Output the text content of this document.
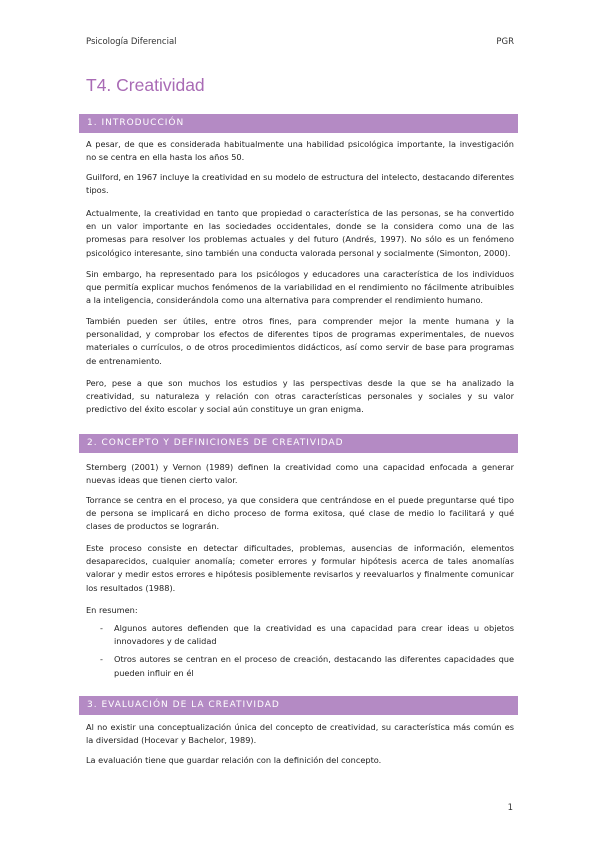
Psicología Diferencial	PGR
T4. Creatividad
1. INTRODUCCIÓN

A pesar, de que es considerada habitualmente una habilidad psicológica importante, la investigación no se centra en ella hasta los años 50.

Guilford, en 1967 incluye la creatividad en su modelo de estructura del intelecto, destacando diferentes tipos.

Actualmente, la creatividad en tanto que propiedad o característica de las personas, se ha convertido en un valor importante en las sociedades occidentales, donde se la considera como una de las promesas para resolver los problemas actuales y del futuro (Andrés, 1997). No sólo es un fenómeno psicológico interesante, sino también una conducta valorada personal y socialmente (Simonton, 2000).

Sin embargo, ha representado para los psicólogos y educadores una característica de los individuos que permitía explicar muchos fenómenos de la variabilidad en el rendimiento no fácilmente atribuibles a la inteligencia, considerándola como una alternativa para comprender el rendimiento humano.

También pueden ser útiles, entre otros fines, para comprender mejor la mente humana y la personalidad, y comprobar los efectos de diferentes tipos de programas experimentales, de nuevos materiales o currículos, o de otros procedimientos didácticos, así como servir de base para programas de entrenamiento.

Pero, pese a que son muchos los estudios y las perspectivas desde la que se ha analizado la creatividad, su naturaleza y relación con otras características personales y sociales y su valor predictivo del éxito escolar y social aún constituye un gran enigma.

2. CONCEPTO Y DEFINICIONES DE CREATIVIDAD

Sternberg (2001) y Vernon (1989) definen la creatividad como una capacidad enfocada a generar nuevas ideas que tienen cierto valor.

Torrance se centra en el proceso, ya que considera que centrándose en el puede preguntarse qué tipo de persona se implicará en dicho proceso de forma exitosa, qué clase de medio lo facilitará y qué clases de productos se lograrán.

Este proceso consiste en detectar dificultades, problemas, ausencias de información, elementos desaparecidos, cualquier anomalía; cometer errores y formular hipótesis acerca de tales anomalías valorar y medir estos errores e hipótesis posiblemente revisarlos y reevaluarlos y finalmente comunicar los resultados (1988).

En resumen:

- Algunos autores defienden que la creatividad es una capacidad para crear ideas u objetos innovadores y de calidad
- Otros autores se centran en el proceso de creación, destacando las diferentes capacidades que pueden influir en él
3. EVALUACIÓN DE LA CREATIVIDAD

Al no existir una conceptualización única del concepto de creatividad, su característica más común es la diversidad (Hocevar y Bachelor, 1989).

La evaluación tiene que guardar relación con la definición del concepto.

1
